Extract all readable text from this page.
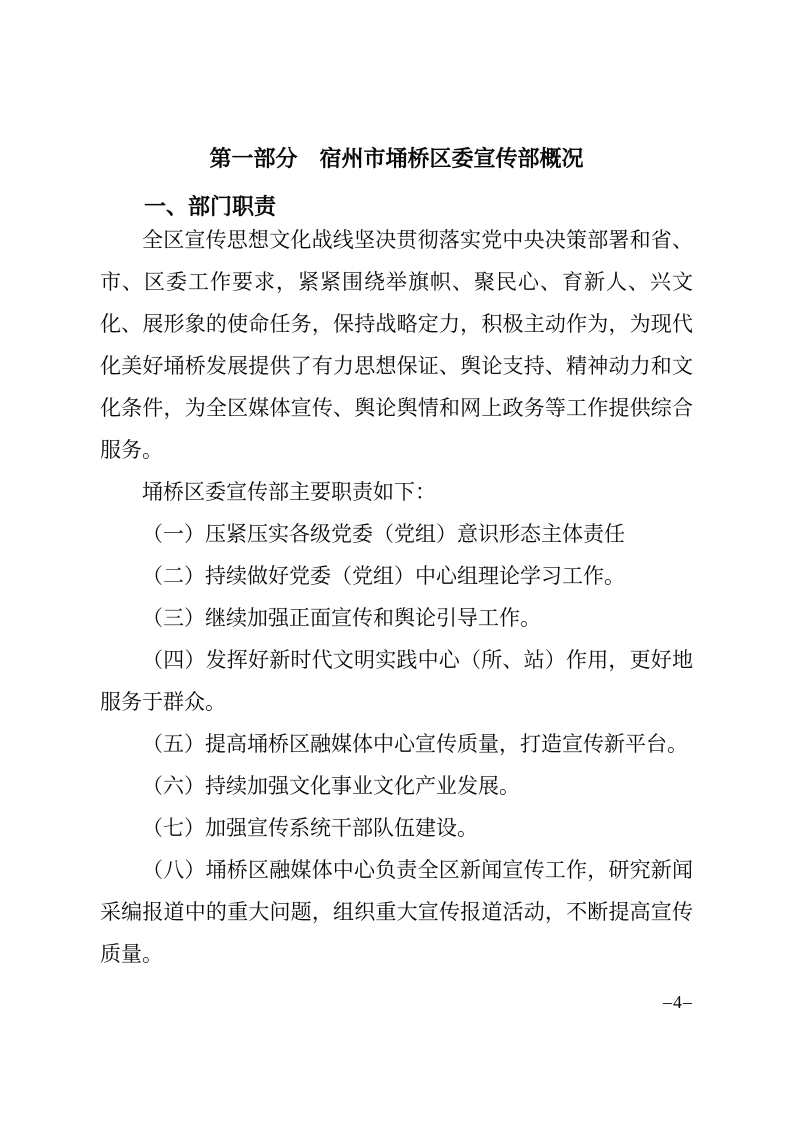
第一部分　宿州市埇桥区委宣传部概况
一、部门职责

全区宣传思想文化战线坚决贯彻落实党中央决策部署和省、市、区委工作要求，紧紧围绕举旗帜、聚民心、育新人、兴文化、展形象的使命任务，保持战略定力，积极主动作为，为现代化美好埇桥发展提供了有力思想保证、舆论支持、精神动力和文化条件，为全区媒体宣传、舆论舆情和网上政务等工作提供综合服务。

埇桥区委宣传部主要职责如下：

（一）压紧压实各级党委（党组）意识形态主体责任

（二）持续做好党委（党组）中心组理论学习工作。

（三）继续加强正面宣传和舆论引导工作。

（四）发挥好新时代文明实践中心（所、站）作用，更好地服务于群众。

（五）提高埇桥区融媒体中心宣传质量，打造宣传新平台。

（六）持续加强文化事业文化产业发展。

（七）加强宣传系统干部队伍建设。

（八）埇桥区融媒体中心负责全区新闻宣传工作，研究新闻采编报道中的重大问题，组织重大宣传报道活动，不断提高宣传质量。

–4–
